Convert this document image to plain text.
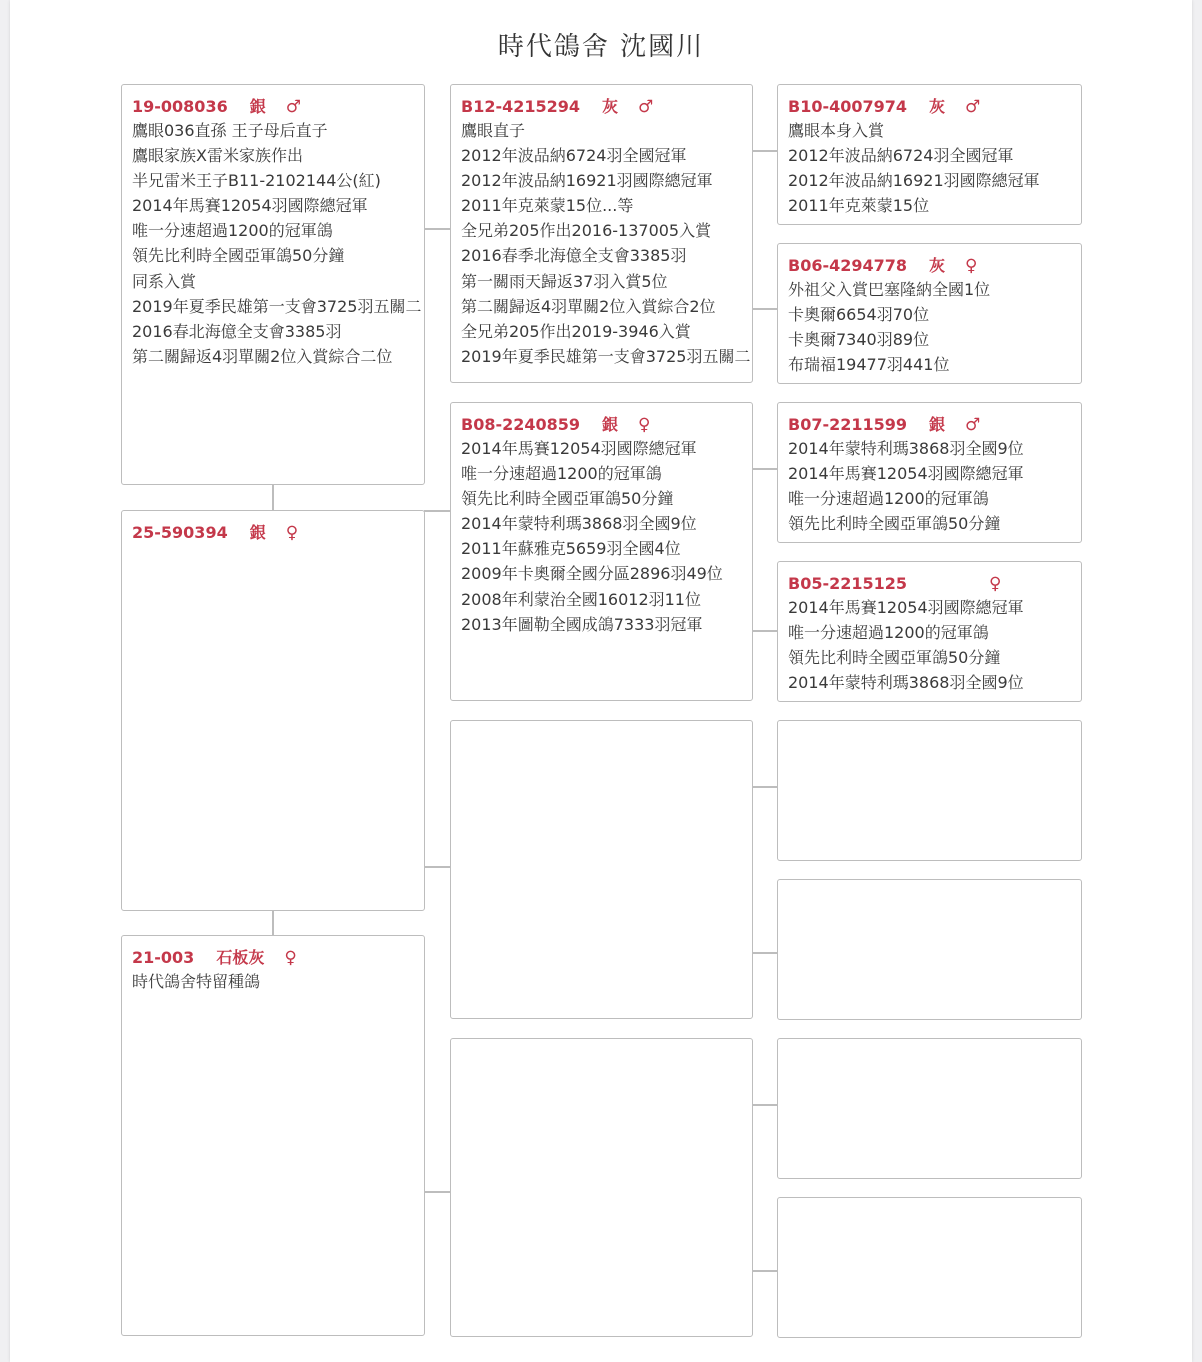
時代鴿舍 沈國川
19-008036 銀 ♂
鷹眼036直孫 王子母后直子
鷹眼家族X雷米家族作出
半兄雷米王子B11-2102144公(紅)
2014年馬賽12054羽國際總冠軍
唯一分速超過1200的冠軍鴿
領先比利時全國亞軍鴿50分鐘
同系入賞
2019年夏季民雄第一支會3725羽五關二
2016春北海億全支會3385羽
第二關歸返4羽單關2位入賞綜合二位
25-590394 銀 ♀
21-003 石板灰 ♀
時代鴿舍特留種鴿
B12-4215294 灰 ♂
鷹眼直子
2012年波品納6724羽全國冠軍
2012年波品納16921羽國際總冠軍
2011年克萊蒙15位...等
全兄弟205作出2016-137005入賞
2016春季北海億全支會3385羽
第一關雨天歸返37羽入賞5位
第二關歸返4羽單關2位入賞綜合2位
全兄弟205作出2019-3946入賞
2019年夏季民雄第一支會3725羽五關二
B08-2240859 銀 ♀
2014年馬賽12054羽國際總冠軍
唯一分速超過1200的冠軍鴿
領先比利時全國亞軍鴿50分鐘
2014年蒙特利瑪3868羽全國9位
2011年蘇雅克5659羽全國4位
2009年卡奧爾全國分區2896羽49位
2008年利蒙治全國16012羽11位
2013年圖勒全國成鴿7333羽冠軍
B10-4007974 灰 ♂
鷹眼本身入賞
2012年波品納6724羽全國冠軍
2012年波品納16921羽國際總冠軍
2011年克萊蒙15位
B06-4294778 灰 ♀
外祖父入賞巴塞隆納全國1位
卡奧爾6654羽70位
卡奧爾7340羽89位
布瑞福19477羽441位
B07-2211599 銀 ♂
2014年蒙特利瑪3868羽全國9位
2014年馬賽12054羽國際總冠軍
唯一分速超過1200的冠軍鴿
領先比利時全國亞軍鴿50分鐘
B05-2215125	♀
2014年馬賽12054羽國際總冠軍
唯一分速超過1200的冠軍鴿
領先比利時全國亞軍鴿50分鐘
2014年蒙特利瑪3868羽全國9位
